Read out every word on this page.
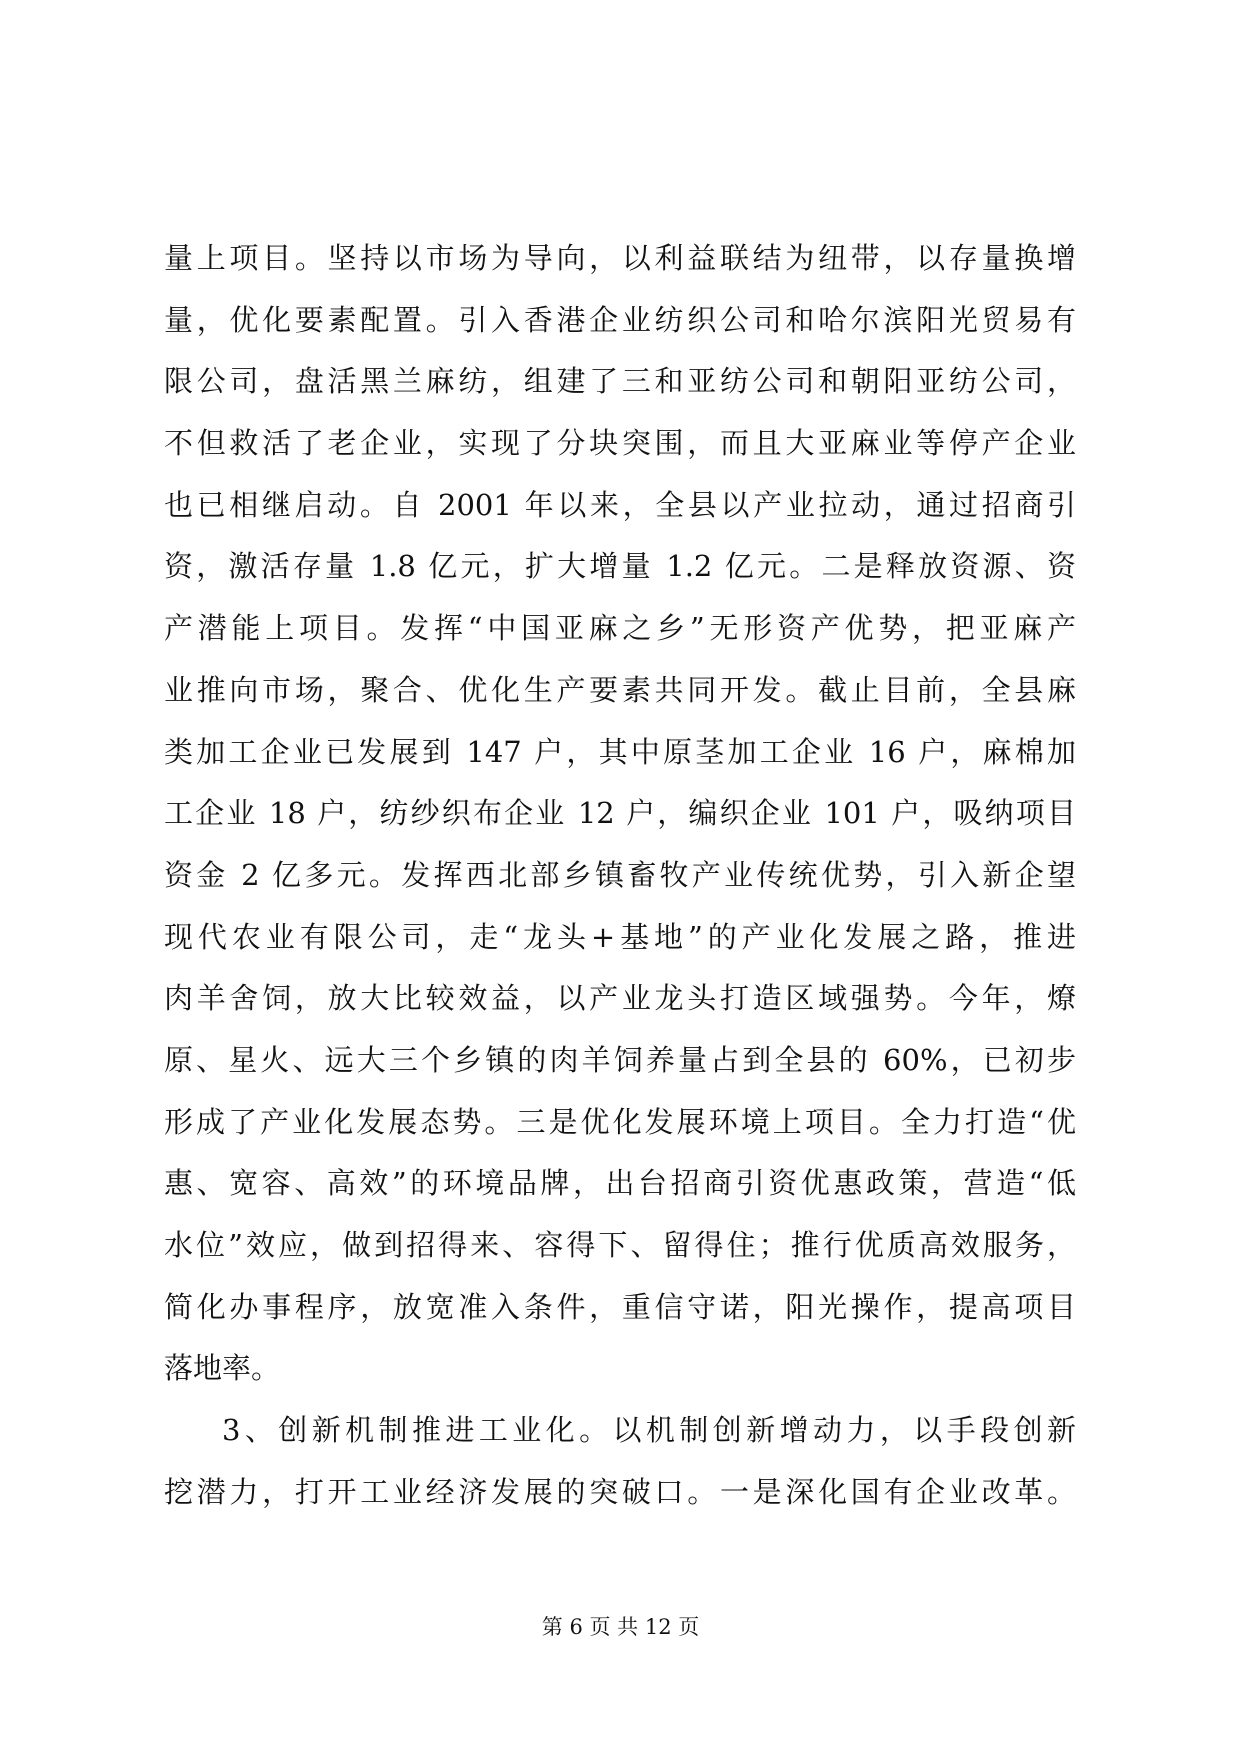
量上项目。坚持以市场为导向，以利益联结为纽带，以存量换增
量，优化要素配置。引入香港企业纺织公司和哈尔滨阳光贸易有
限公司，盘活黑兰麻纺，组建了三和亚纺公司和朝阳亚纺公司，
不但救活了老企业，实现了分块突围，而且大亚麻业等停产企业
也已相继启动。自 2001 年以来，全县以产业拉动，通过招商引
资，激活存量 1.8 亿元，扩大增量 1.2 亿元。二是释放资源、资
产潜能上项目。发挥“中国亚麻之乡”无形资产优势，把亚麻产
业推向市场，聚合、优化生产要素共同开发。截止目前，全县麻
类加工企业已发展到 147 户，其中原茎加工企业 16 户，麻棉加
工企业 18 户，纺纱织布企业 12 户，编织企业 101 户，吸纳项目
资金 2 亿多元。发挥西北部乡镇畜牧产业传统优势，引入新企望
现代农业有限公司，走“龙头+基地”的产业化发展之路，推进
肉羊舍饲，放大比较效益，以产业龙头打造区域强势。今年，燎
原、星火、远大三个乡镇的肉羊饲养量占到全县的 60%，已初步
形成了产业化发展态势。三是优化发展环境上项目。全力打造“优
惠、宽容、高效”的环境品牌，出台招商引资优惠政策，营造“低
水位”效应，做到招得来、容得下、留得住；推行优质高效服务，
简化办事程序，放宽准入条件，重信守诺，阳光操作，提高项目
落地率。
3、创新机制推进工业化。以机制创新增动力，以手段创新
挖潜力，打开工业经济发展的突破口。一是深化国有企业改革。
第 6 页 共 12 页
